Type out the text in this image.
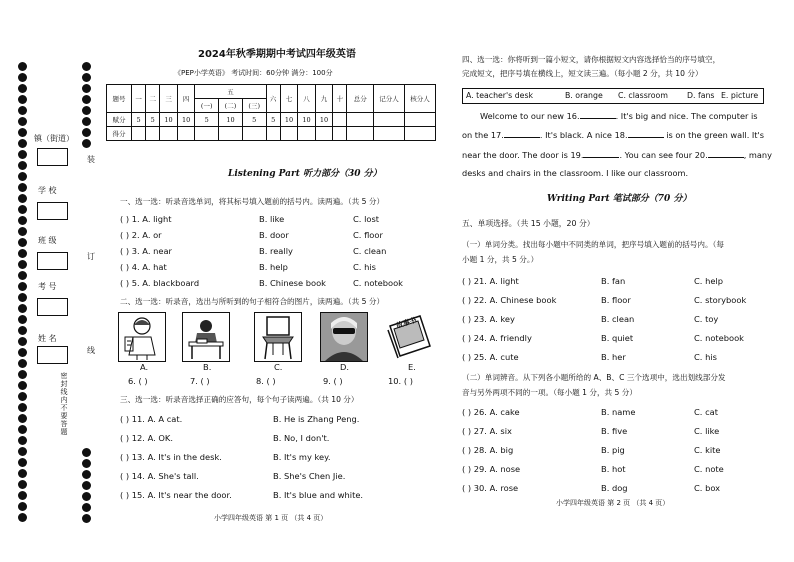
镇（街道）
学 校
班 级
考 号
姓 名
装
订
线
密
封
线
内
不
要
答
题
2024年秋季期期中考试四年级英语
《PEP小学英语》 考试时间：60分钟 满分：100分
题号	一	二	三	四	五			六	七	八	九	十	总分	记分人	核分人
					(一)	(二)	(三)								
赋分	5	5	10	10	5	10	5	5	10	10	10				
得分															
Listening Part 听力部分（30 分）
一、选一选：听录音选单词，将其标号填入题前的括号内。读两遍。（共 5 分）
( ) 1. A. light	B. like	C. lost
( ) 2. A. or	B. door	C. floor
( ) 3. A. near	B. really	C. clean
( ) 4. A. hat	B. help	C. his
( ) 5. A. blackboard	B. Chinese book	C. notebook
二、选一选：听录音，选出与所听到的句子相符合的图片，读两遍。（共 5 分）
故事书
A.	B.	C.	D.	E.
6. ( )	7. ( )	8. ( )	9. ( )	10. ( )
三、选一选：听录音选择正确的应答句，每个句子读两遍。（共 10 分）
( ) 11. A. A cat.	B. He is Zhang Peng.
( ) 12. A. OK.	B. No, I don't.
( ) 13. A. It's in the desk.	B. It's my key.
( ) 14. A. She's tall.	B. She's Chen Jie.
( ) 15. A. It's near the door.	B. It's blue and white.
小学四年级英语 第 1 页 （共 4 页）
四、选一选：你将听到一篇小短文，请你根据短文内容选择恰当的序号填空，
完成短文，把序号填在横线上，短文读三遍。（每小题 2 分，共 10 分）
A. teacher's desk	B. orange C. classroom D. fans E. picture
Welcome to our new 16.	. It's big and nice. The computer is
on the 17.	. It's black. A nice 18.	is on the green wall. It's
near the door. The door is 19.	. You can see four 20.	, many
desks and chairs in the classroom. I like our classroom.
Writing Part 笔试部分（70 分）
五、单项选择。（共 15 小题，20 分）
（一）单词分类。找出每小题中不同类的单词，把序号填入题前的括号内。（每
小题 1 分，共 5 分。）
( ) 21. A. light	B. fan	C. help
( ) 22. A. Chinese book	B. floor	C. storybook
( ) 23. A. key	B. clean	C. toy
( ) 24. A. friendly	B. quiet	C. notebook
( ) 25. A. cute	B. her	C. his
（二）单词辨音。从下列各小题所给的 A、B、C 三个选项中，选出划线部分发
音与另外两项不同的一项。（每小题 1 分，共 5 分）
( ) 26. A. cake	B. name	C. cat
( ) 27. A. six	B. five	C. like
( ) 28. A. big	B. pig	C. kite
( ) 29. A. nose	B. hot	C. note
( ) 30. A. rose	B. dog	C. box
小学四年级英语 第 2 页 （共 4 页）
